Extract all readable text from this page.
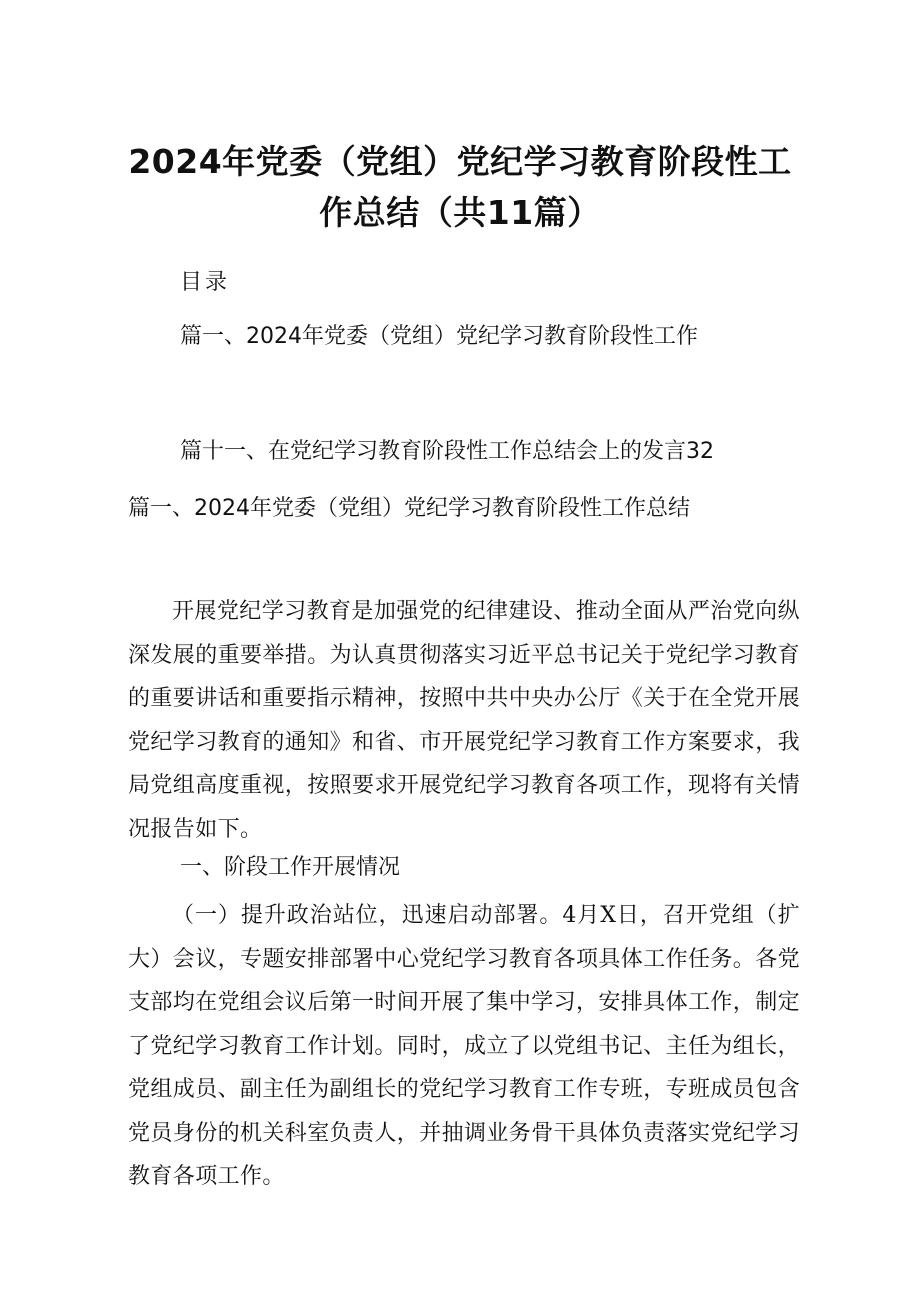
2024年党委（党组）党纪学习教育阶段性工
作总结（共11篇）
目录
篇一、2024年党委（党组）党纪学习教育阶段性工作
篇十一、在党纪学习教育阶段性工作总结会上的发言32
篇一、2024年党委（党组）党纪学习教育阶段性工作总结

开展党纪学习教育是加强党的纪律建设、推动全面从严治党向纵深发展的重要举措。为认真贯彻落实习近平总书记关于党纪学习教育的重要讲话和重要指示精神，按照中共中央办公厅《关于在全党开展党纪学习教育的通知》和省、市开展党纪学习教育工作方案要求，我局党组高度重视，按照要求开展党纪学习教育各项工作，现将有关情况报告如下。

一、阶段工作开展情况

（一）提升政治站位，迅速启动部署。4月X日，召开党组（扩大）会议，专题安排部署中心党纪学习教育各项具体工作任务。各党支部均在党组会议后第一时间开展了集中学习，安排具体工作，制定了党纪学习教育工作计划。同时，成立了以党组书记、主任为组长，党组成员、副主任为副组长的党纪学习教育工作专班，专班成员包含党员身份的机关科室负责人，并抽调业务骨干具体负责落实党纪学习教育各项工作。
